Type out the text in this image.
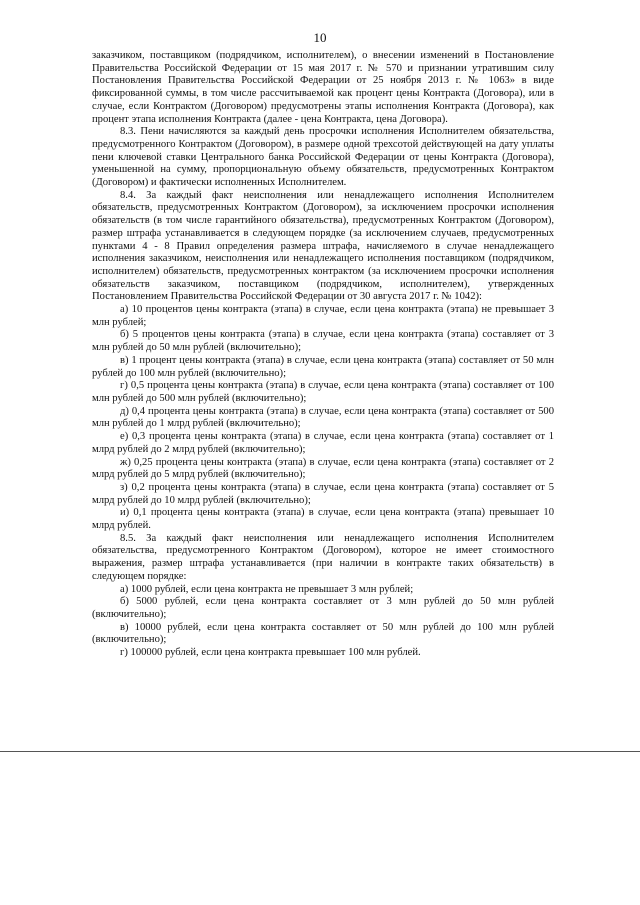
10

заказчиком, поставщиком (подрядчиком, исполнителем), о внесении изменений в Постановление Правительства Российской Федерации от 15 мая 2017 г. № 570 и признании утратившим силу Постановления Правительства Российской Федерации от 25 ноября 2013 г. № 1063» в виде фиксированной суммы, в том числе рассчитываемой как процент цены Контракта (Договора), или в случае, если Контрактом (Договором) предусмотрены этапы исполнения Контракта (Договора), как процент этапа исполнения Контракта (далее - цена Контракта, цена Договора).

8.3. Пени начисляются за каждый день просрочки исполнения Исполнителем обязательства, предусмотренного Контрактом (Договором), в размере одной трехсотой действующей на дату уплаты пени ключевой ставки Центрального банка Российской Федерации от цены Контракта (Договора), уменьшенной на сумму, пропорциональную объему обязательств, предусмотренных Контрактом (Договором) и фактически исполненных Исполнителем.

8.4. За каждый факт неисполнения или ненадлежащего исполнения Исполнителем обязательств, предусмотренных Контрактом (Договором), за исключением просрочки исполнения обязательств (в том числе гарантийного обязательства), предусмотренных Контрактом (Договором), размер штрафа устанавливается в следующем порядке (за исключением случаев, предусмотренных пунктами 4 - 8 Правил определения размера штрафа, начисляемого в случае ненадлежащего исполнения заказчиком, неисполнения или ненадлежащего исполнения поставщиком (подрядчиком, исполнителем) обязательств, предусмотренных контрактом (за исключением просрочки исполнения обязательств заказчиком, поставщиком (подрядчиком, исполнителем), утвержденных Постановлением Правительства Российской Федерации от 30 августа 2017 г. № 1042):

а) 10 процентов цены контракта (этапа) в случае, если цена контракта (этапа) не превышает 3 млн рублей;

б) 5 процентов цены контракта (этапа) в случае, если цена контракта (этапа) составляет от 3 млн рублей до 50 млн рублей (включительно);

в) 1 процент цены контракта (этапа) в случае, если цена контракта (этапа) составляет от 50 млн рублей до 100 млн рублей (включительно);

г) 0,5 процента цены контракта (этапа) в случае, если цена контракта (этапа) составляет от 100 млн рублей до 500 млн рублей (включительно);

д) 0,4 процента цены контракта (этапа) в случае, если цена контракта (этапа) составляет от 500 млн рублей до 1 млрд рублей (включительно);

е) 0,3 процента цены контракта (этапа) в случае, если цена контракта (этапа) составляет от 1 млрд рублей до 2 млрд рублей (включительно);

ж) 0,25 процента цены контракта (этапа) в случае, если цена контракта (этапа) составляет от 2 млрд рублей до 5 млрд рублей (включительно);

з) 0,2 процента цены контракта (этапа) в случае, если цена контракта (этапа) составляет от 5 млрд рублей до 10 млрд рублей (включительно);

и) 0,1 процента цены контракта (этапа) в случае, если цена контракта (этапа) превышает 10 млрд рублей.

8.5. За каждый факт неисполнения или ненадлежащего исполнения Исполнителем обязательства, предусмотренного Контрактом (Договором), которое не имеет стоимостного выражения, размер штрафа устанавливается (при наличии в контракте таких обязательств) в следующем порядке:

а) 1000 рублей, если цена контракта не превышает 3 млн рублей;

б) 5000 рублей, если цена контракта составляет от 3 млн рублей до 50 млн рублей (включительно);

в) 10000 рублей, если цена контракта составляет от 50 млн рублей до 100 млн рублей (включительно);

г) 100000 рублей, если цена контракта превышает 100 млн рублей.
